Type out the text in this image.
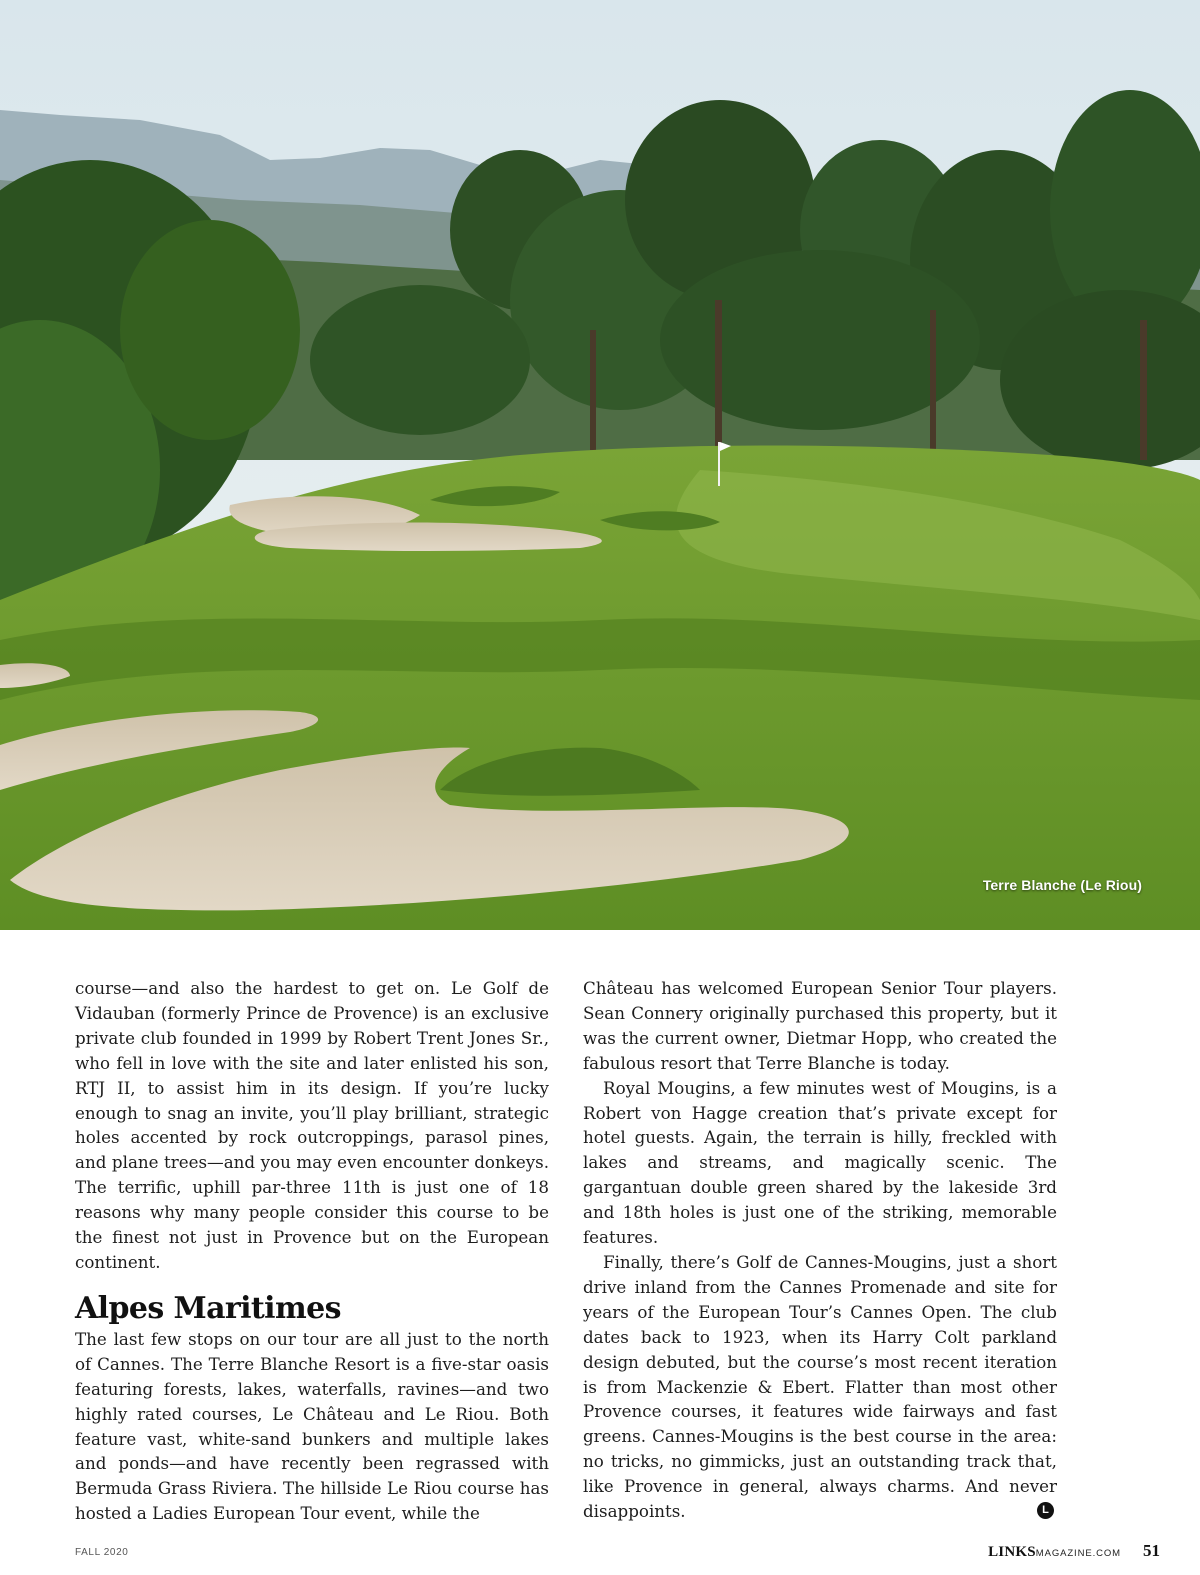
Terre Blanche (Le Riou)

course—and also the hardest to get on. Le Golf de Vidauban (formerly Prince de Provence) is an exclusive private club founded in 1999 by Robert Trent Jones Sr., who fell in love with the site and later enlisted his son, RTJ II, to assist him in its design. If you’re lucky enough to snag an invite, you’ll play brilliant, strategic holes accented by rock outcroppings, parasol pines, and plane trees—and you may even encounter donkeys. The terrific, uphill par-three 11th is just one of 18 reasons why many people consider this course to be the finest not just in Provence but on the European continent.

Alpes Maritimes

The last few stops on our tour are all just to the north of Cannes. The Terre Blanche Resort is a five-star oasis featuring forests, lakes, waterfalls, ravines—and two highly rated courses, Le Château and Le Riou. Both feature vast, white-sand bunkers and multiple lakes and ponds—and have recently been regrassed with Bermuda Grass Riviera. The hillside Le Riou course has hosted a Ladies European Tour event, while the

Château has welcomed European Senior Tour players. Sean Connery originally purchased this property, but it was the current owner, Dietmar Hopp, who created the fabulous resort that Terre Blanche is today.

Royal Mougins, a few minutes west of Mougins, is a Robert von Hagge creation that’s private except for hotel guests. Again, the terrain is hilly, freckled with lakes and streams, and magically scenic. The gargantuan double green shared by the lakeside 3rd and 18th holes is just one of the striking, memorable features.

Finally, there’s Golf de Cannes-Mougins, just a short drive inland from the Cannes Promenade and site for years of the European Tour’s Cannes Open. The club dates back to 1923, when its Harry Colt parkland design debuted, but the course’s most recent iteration is from Mackenzie & Ebert. Flatter than most other Provence courses, it features wide fairways and fast greens. Cannes-Mougins is the best course in the area: no tricks, no gimmicks, just an outstanding track that, like Provence in general, always charms. And never disappoints.	L
FALL 2020	LINKSMAGAZINE.COM 51
